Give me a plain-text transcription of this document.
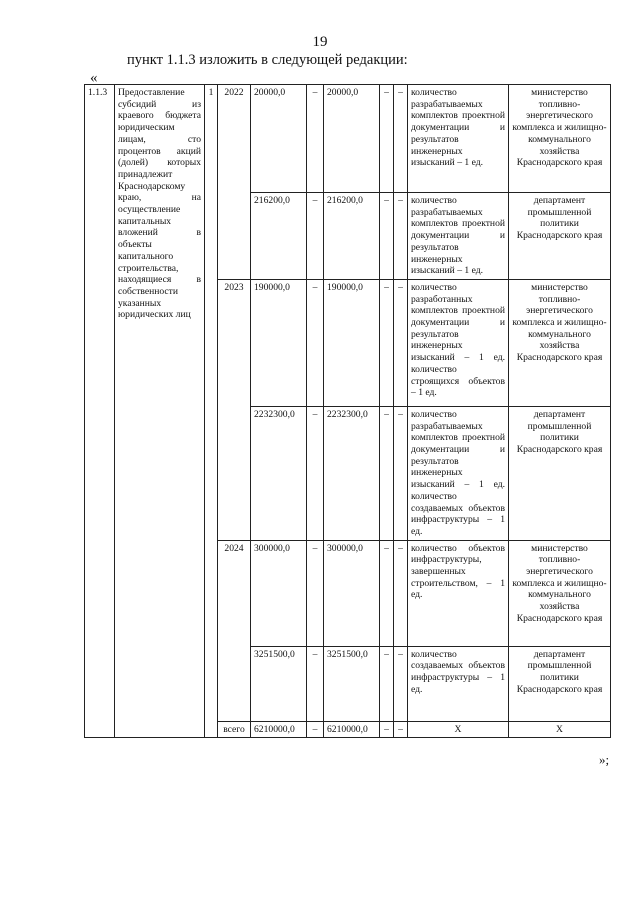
19
пункт 1.1.3 изложить в следующей редакции:
«
1.1.3	Предоставление субсидий из краевого бюджета юридическим лицам, сто процентов акций (долей) которых принадлежит Краснодарскому краю, на осуществление капитальных вложений в объекты капитального строительства, находящиеся в собственности указанных юридических лиц	1	2022	20000,0	–	20000,0	–	–	количество разрабатываемых комплектов проектной документации и результатов инженерных изысканий – 1 ед.	министерство топливно-энергетического комплекса и жилищно-коммунального хозяйства Краснодарского края
				216200,0	–	216200,0	–	–	количество разрабатываемых комплектов проектной документации и результатов инженерных изысканий – 1 ед.	департамент промышленной политики Краснодарского края
			2023	190000,0	–	190000,0	–	–	количество разработанных комплектов проектной документации и результатов инженерных изысканий – 1 ед. количество строящихся объектов – 1 ед.	министерство топливно-энергетического комплекса и жилищно-коммунального хозяйства Краснодарского края
				2232300,0	–	2232300,0	–	–	количество разрабатываемых комплектов проектной документации и результатов инженерных изысканий – 1 ед. количество создаваемых объектов инфраструктуры – 1 ед.	департамент промышленной политики Краснодарского края
			2024	300000,0	–	300000,0	–	–	количество объектов инфраструктуры, завершенных строительством, – 1 ед.	министерство топливно-энергетического комплекса и жилищно-коммунального хозяйства Краснодарского края
				3251500,0	–	3251500,0	–	–	количество создаваемых объектов инфраструктуры – 1 ед.	департамент промышленной политики Краснодарского края
			всего	6210000,0	–	6210000,0	–	–	Х	Х
»;
